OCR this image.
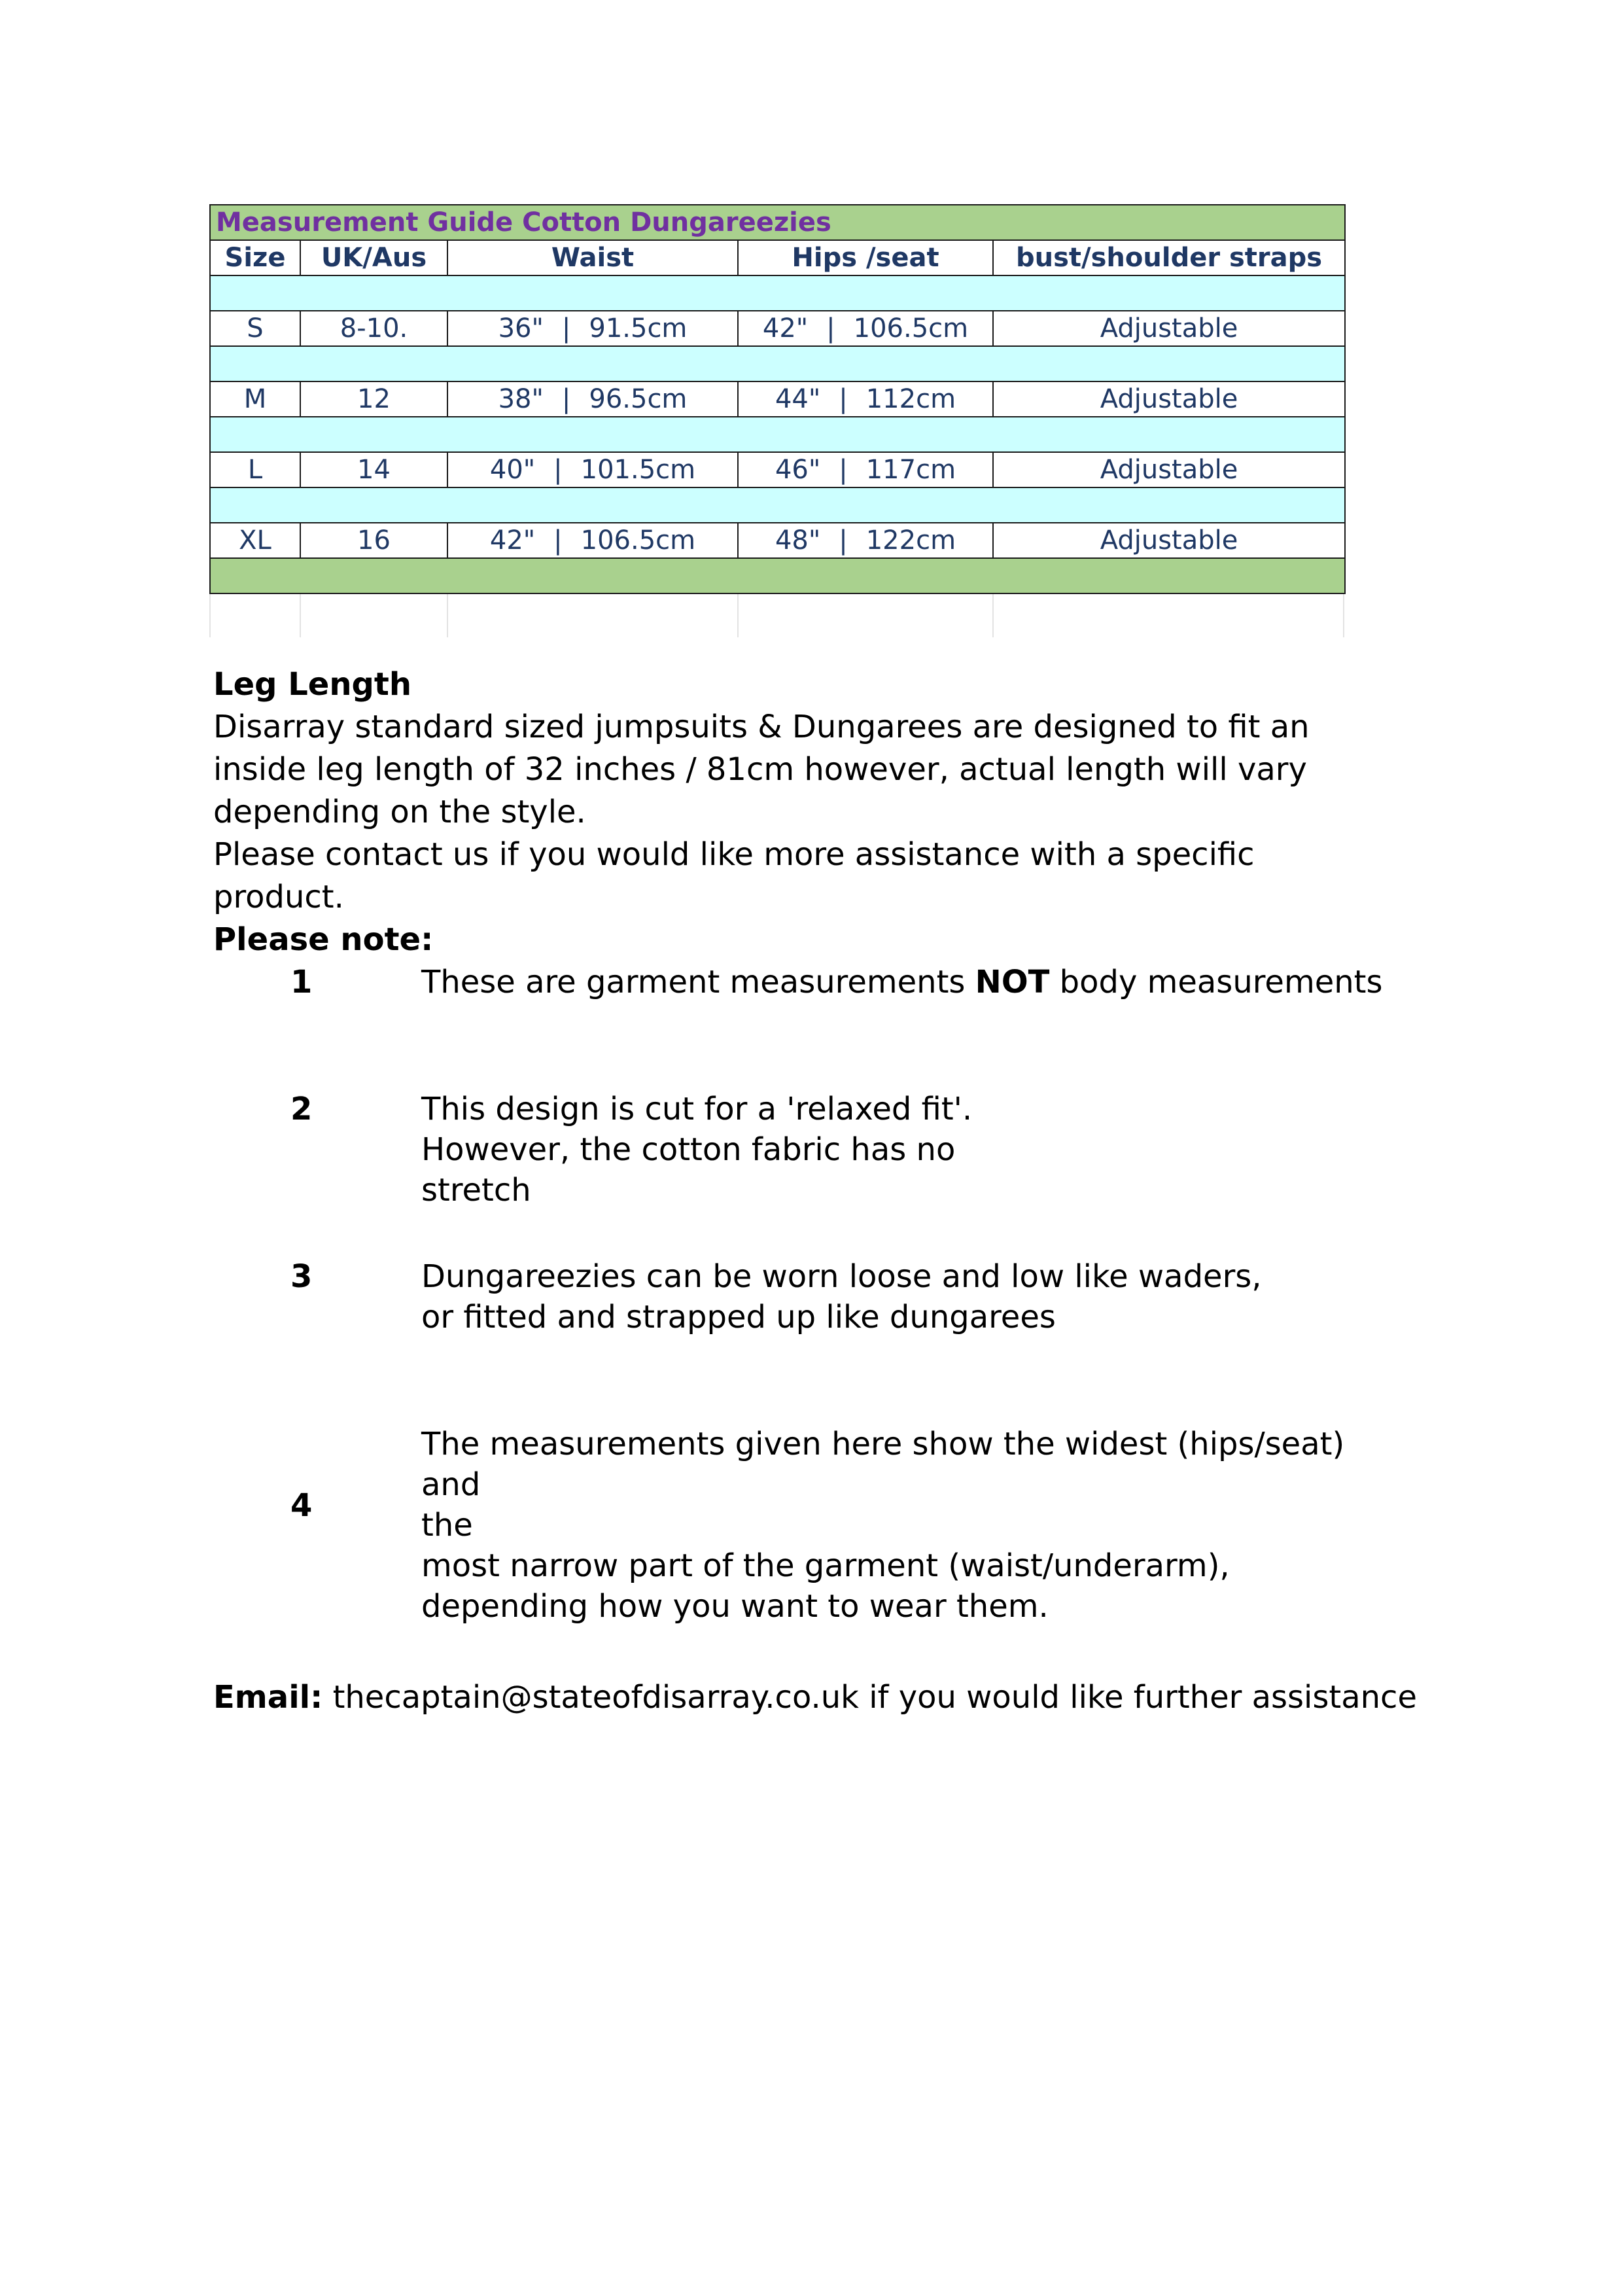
Measurement Guide Cotton Dungareezies				
Size	UK/Aus	Waist	Hips /seat	bust/shoulder straps

S	8-10.	36" | 91.5cm	42" | 106.5cm	Adjustable

M	12	38" | 96.5cm	44" | 112cm	Adjustable

L	14	40" | 101.5cm	46" | 117cm	Adjustable

XL	16	42" | 106.5cm	48" | 122cm	Adjustable

Leg Length
Disarray standard sized jumpsuits & Dungarees are designed to fit an
inside leg length of 32 inches / 81cm however, actual length will vary
depending on the style.
Please contact us if you would like more assistance with a specific product.
Please note:
1	These are garment measurements NOT body measurements
2	This design is cut for a 'relaxed fit'.
However, the cotton fabric has no
stretch
3	Dungareezies can be worn loose and low like waders,
or fitted and strapped up like dungarees
4
The measurements given here show the widest (hips/seat) and
the
most narrow part of the garment (waist/underarm),
depending how you want to wear them.
Email: thecaptain@stateofdisarray.co.uk if you would like further assistance
